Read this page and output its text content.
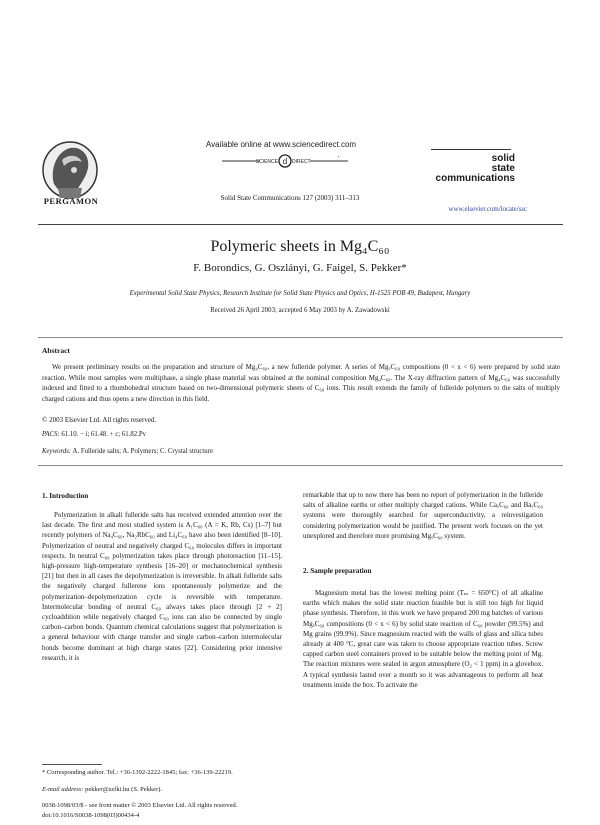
PERGAMON
Available online at www.sciencedirect.com
SCIENCE d DIRECT
•
Solid State Communications 127 (2003) 311–313
solid
state
communications
www.elsevier.com/locate/ssc
Polymeric sheets in Mg₄C₆₀
F. Borondics, G. Oszlányi, G. Faigel, S. Pekker*
Experimental Solid State Physics, Research Institute for Solid State Physics and Optics, H-1525 POB 49, Budapest, Hungary
Received 26 April 2003; accepted 6 May 2003 by A. Zawadowski
Abstract
We present preliminary results on the preparation and structure of Mg₄C₆₀, a new fulleride polymer. A series of MgₓC₆₀ compositions (0 < x < 6) were prepared by solid state reaction. While most samples were multiphase, a single phase material was obtained at the nominal composition Mg₄C₆₀. The X-ray diffraction pattern of Mg₄C₆₀ was successfully indexed and fitted to a rhombohedral structure based on two-dimensional polymeric sheets of C₆₀ ions. This result extends the family of fulleride polymers to the salts of multiply charged cations and thus opens a new direction in this field.
© 2003 Elsevier Ltd. All rights reserved.
PACS: 61.10. − i; 61.48. + c; 61.82.Pv
Keywords: A. Fulleride salts; A. Polymers; C. Crystal structure
1. Introduction

Polymerization in alkali fulleride salts has received extended attention over the last decade. The first and most studied system is A₁C₆₀ (A = K, Rb, Cs) [1–7] but recently polymers of Na₄C₆₀, Na₂RbC₆₀ and Li₄C₆₀ have also been identified [8–10]. Polymerization of neutral and negatively charged C₆₀ molecules differs in important respects. In neutral C₆₀ polymerization takes place through photoreaction [11–15], high-pressure high-temperature synthesis [16–20] or mechanochemical synthesis [21] but then in all cases the depolymerization is irreversible. In alkali fulleride salts the negatively charged fullerene ions spontaneously polymerize and the polymerization–depolymerization cycle is reversible with temperature. Intermolecular bonding of neutral C₆₀ always takes place through [2 + 2] cycloaddition while negatively charged C₆₀ ions can also be connected by single carbon–carbon bonds. Quantum chemical calculations suggest that polymerization is a general behaviour with charge transfer and single carbon–carbon intermolecular bonds become dominant at high charge states [22]. Considering prior intensive research, it is

remarkable that up to now there has been no report of polymerization in the fulleride salts of alkaline earths or other multiply charged cations. While CaₓC₆₀ and BaₓC₆₀ systems were thoroughly searched for superconductivity, a reinvestigation considering polymerization would be justified. The present work focuses on the yet unexplored and therefore more promising MgₓC₆₀ system.

2. Sample preparation

Magnesium metal has the lowest melting point (Tₘ = 650°C) of all alkaline earths which makes the solid state reaction feasible but is still too high for liquid phase synthesis. Therefore, in this work we have prepared 200 mg batches of various MgₓC₆₀ compositions (0 < x < 6) by solid state reaction of C₆₀ powder (99.5%) and Mg grains (99.9%). Since magnesium reacted with the walls of glass and silica tubes already at 400 °C, great care was taken to choose appropriate reaction tubes. Screw capped carbon steel containers proved to be suitable below the melting point of Mg. The reaction mixtures were sealed in argon atmosphere (O₂ < 1 ppm) in a glovebox. A typical synthesis lasted over a month so it was advantageous to perform all heat treatments inside the box. To activate the

* Corresponding author. Tel.: +36-1392-2222-1845; fax: +36-139-22219.
E-mail address: pekker@szfki.hu (S. Pekker).
0038-1098/03/$ - see front matter © 2003 Elsevier Ltd. All rights reserved.
doi:10.1016/S0038-1098(03)00434-4
